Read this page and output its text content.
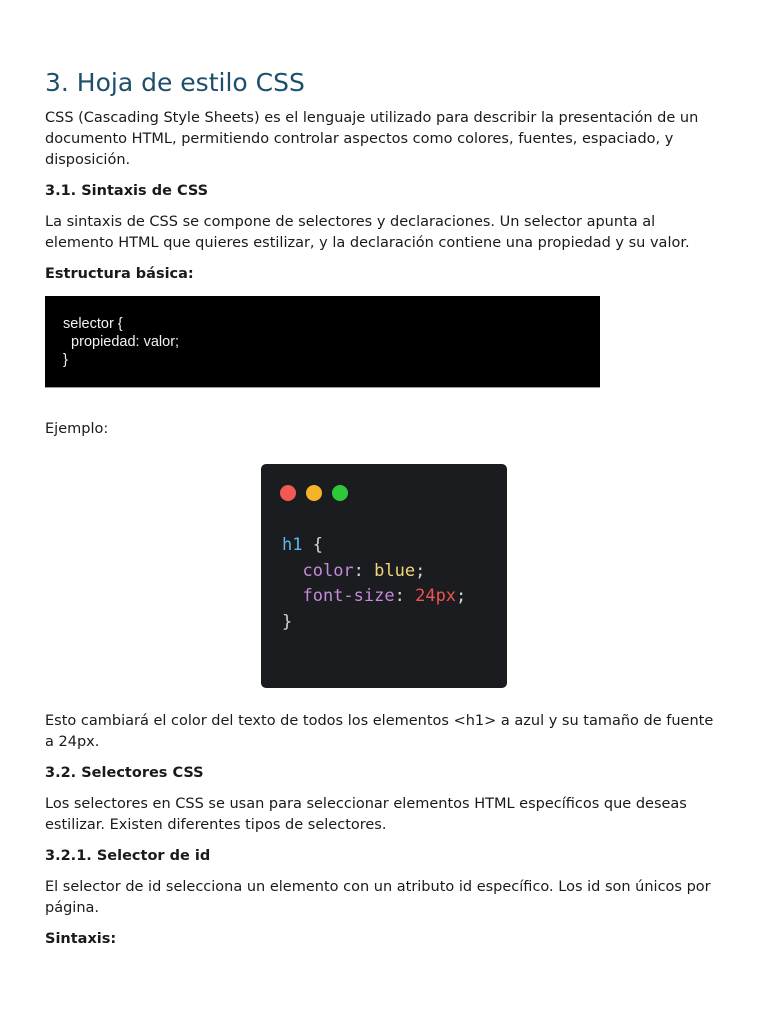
3. Hoja de estilo CSS

CSS (Cascading Style Sheets) es el lenguaje utilizado para describir la presentación de un documento HTML, permitiendo controlar aspectos como colores, fuentes, espaciado, y disposición.

3.1. Sintaxis de CSS

La sintaxis de CSS se compone de selectores y declaraciones. Un selector apunta al elemento HTML que quieres estilizar, y la declaración contiene una propiedad y su valor.

Estructura básica:
selector {
propiedad: valor;
}

Ejemplo:

h1 {
color: blue;
font-size: 24px;
}

Esto cambiará el color del texto de todos los elementos <h1> a azul y su tamaño de fuente a 24px.

3.2. Selectores CSS

Los selectores en CSS se usan para seleccionar elementos HTML específicos que deseas estilizar. Existen diferentes tipos de selectores.

3.2.1. Selector de id

El selector de id selecciona un elemento con un atributo id específico. Los id son únicos por página.

Sintaxis:
